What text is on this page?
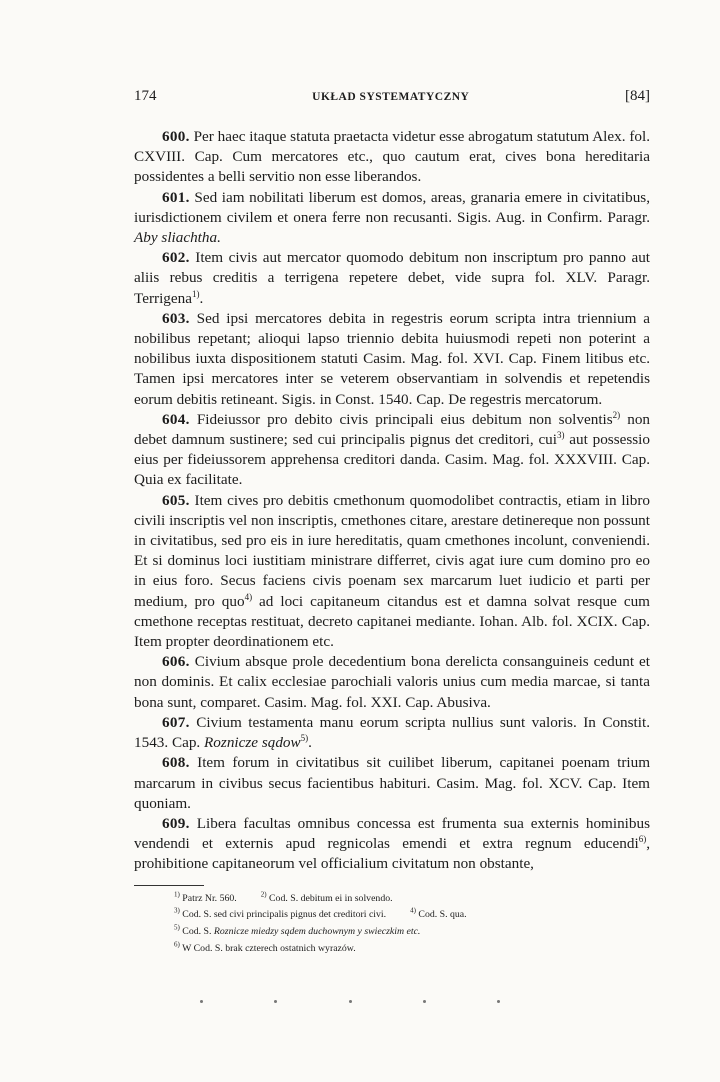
174	UKŁAD SYSTEMATYCZNY	[84]

600. Per haec itaque statuta praetacta videtur esse abrogatum statutum Alex. fol. CXVIII. Cap. Cum mercatores etc., quo cautum erat, cives bona hereditaria possidentes a belli servitio non esse liberandos.

601. Sed iam nobilitati liberum est domos, areas, granaria emere in civitatibus, iurisdictionem civilem et onera ferre non recusanti. Sigis. Aug. in Confirm. Paragr. Aby sliachtha.

602. Item civis aut mercator quomodo debitum non inscriptum pro panno aut aliis rebus creditis a terrigena repetere debet, vide supra fol. XLV. Paragr. Terrigena$^{1)}$.

603. Sed ipsi mercatores debita in regestris eorum scripta intra triennium a nobilibus repetant; alioqui lapso triennio debita huiusmodi repeti non poterint a nobilibus iuxta dispositionem statuti Casim. Mag. fol. XVI. Cap. Finem litibus etc. Tamen ipsi mercatores inter se veterem observantiam in solvendis et repetendis eorum debitis retineant. Sigis. in Const. 1540. Cap. De regestris mercatorum.

604. Fideiussor pro debito civis principali eius debitum non solventis$^{2)}$ non debet damnum sustinere; sed cui principalis pignus det creditori, cui$^{3)}$ aut possessio eius per fideiussorem apprehensa creditori danda. Casim. Mag. fol. XXXVIII. Cap. Quia ex facilitate.

605. Item cives pro debitis cmethonum quomodolibet contractis, etiam in libro civili inscriptis vel non inscriptis, cmethones citare, arestare detinereque non possunt in civitatibus, sed pro eis in iure hereditatis, quam cmethones incolunt, conveniendi. Et si dominus loci iustitiam ministrare differret, civis agat iure cum domino pro eo in eius foro. Secus faciens civis poenam sex marcarum luet iudicio et parti per medium, pro quo$^{4)}$ ad loci capitaneum citandus est et damna solvat resque cum cmethone receptas restituat, decreto capitanei mediante. Iohan. Alb. fol. XCIX. Cap. Item propter deordinationem etc.

606. Civium absque prole decedentium bona derelicta consanguineis cedunt et non dominis. Et calix ecclesiae parochiali valoris unius cum media marcae, si tanta bona sunt, comparet. Casim. Mag. fol. XXI. Cap. Abusiva.

607. Civium testamenta manu eorum scripta nullius sunt valoris. In Constit. 1543. Cap. Roznicze sądow$^{5)}$.

608. Item forum in civitatibus sit cuilibet liberum, capitanei poenam trium marcarum in civibus secus facientibus habituri. Casim. Mag. fol. XCV. Cap. Item quoniam.

609. Libera facultas omnibus concessa est frumenta sua externis hominibus vendendi et externis apud regnicolas emendi et extra regnum educendi$^{6)}$, prohibitione capitaneorum vel officialium civitatum non obstante,

$^{1)}$ Patrz Nr. 560.	$^{2)}$ Cod. S. debitum ei in solvendo.
$^{3)}$ Cod. S. sed civi principalis pignus det creditori civi.	$^{4)}$ Cod. S. qua.
$^{5)}$ Cod. S. Roznicze miedzy sądem duchownym y swieczkim etc.
$^{6)}$ W Cod. S. brak czterech ostatnich wyrazów.
